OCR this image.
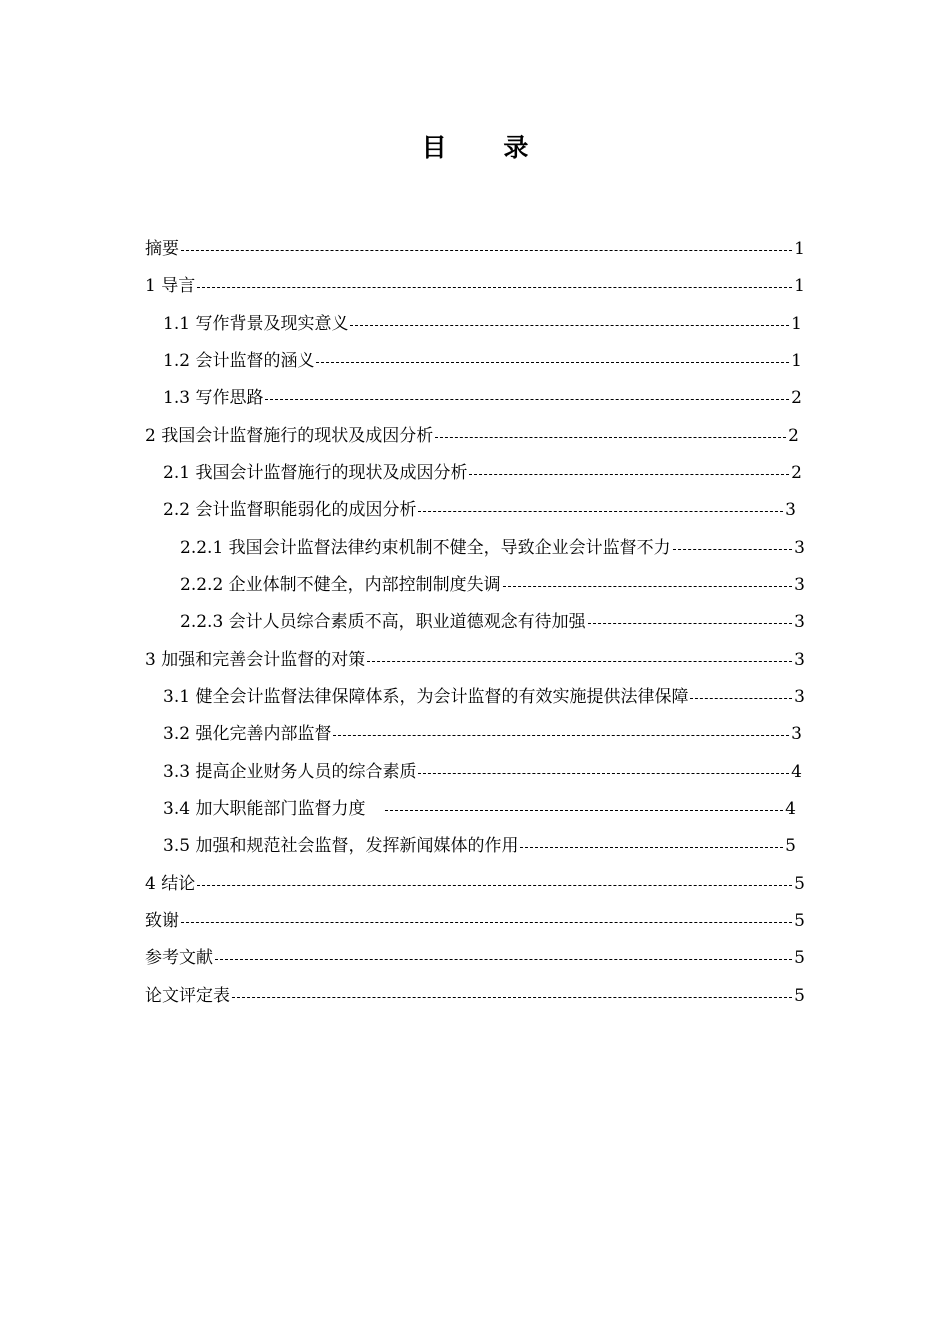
目 录
摘要	1
1 导言	1
1.1 写作背景及现实意义	1
1.2 会计监督的涵义	1
1.3 写作思路	2
2 我国会计监督施行的现状及成因分析	2
2.1 我国会计监督施行的现状及成因分析	2
2.2 会计监督职能弱化的成因分析	3
2.2.1 我国会计监督法律约束机制不健全，导致企业会计监督不力	3
2.2.2 企业体制不健全，内部控制制度失调	3
2.2.3 会计人员综合素质不高，职业道德观念有待加强	3
3 加强和完善会计监督的对策	3
3.1 健全会计监督法律保障体系，为会计监督的有效实施提供法律保障	3
3.2 强化完善内部监督	3
3.3 提高企业财务人员的综合素质	4
3.4 加大职能部门监督力度	4
3.5 加强和规范社会监督，发挥新闻媒体的作用	5
4 结论	5
致谢	5
参考文献	5
论文评定表	5
